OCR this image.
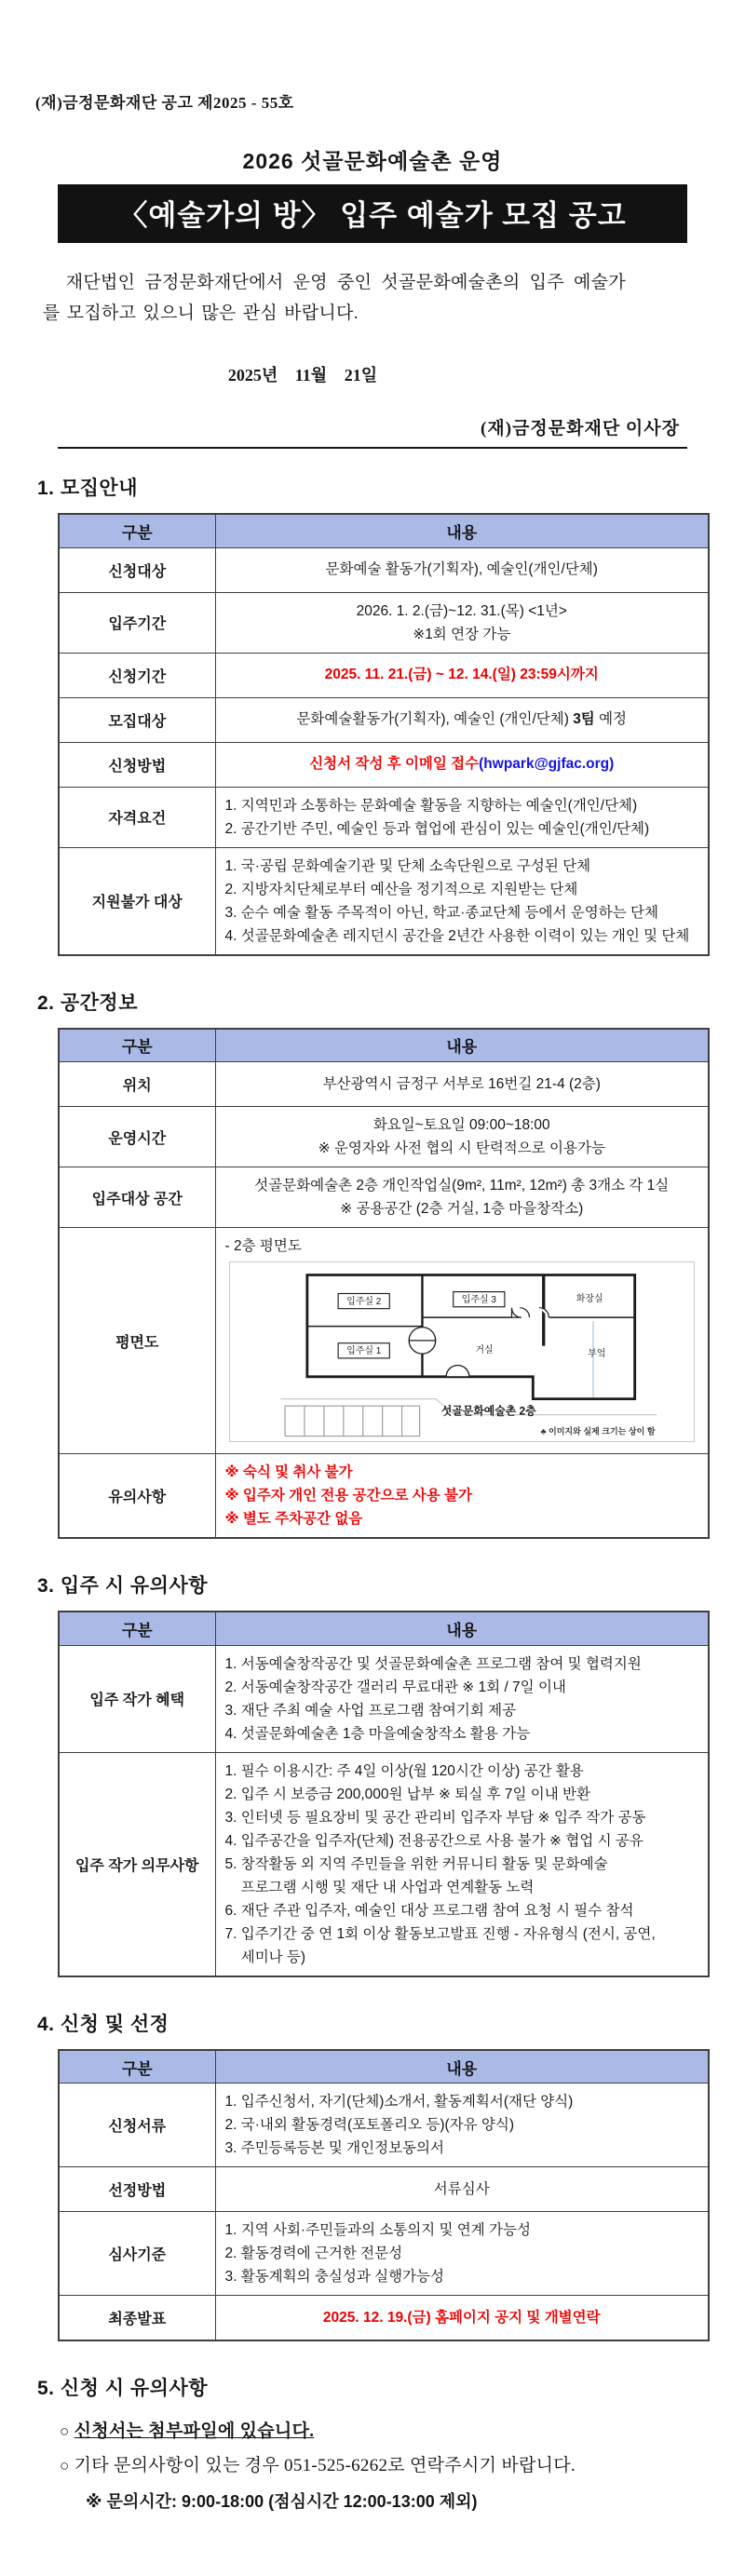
(재)금정문화재단 공고 제2025 - 55호
2026 섯골문화예술촌 운영
〈예술가의 방〉 입주 예술가 모집 공고
재단법인 금정문화재단에서 운영 중인 섯골문화예술촌의 입주 예술가
를 모집하고 있으니 많은 관심 바랍니다.
2025년 11월 21일
(재)금정문화재단 이사장
1. 모집안내
구분	내용
신청대상	문화예술 활동가(기획자), 예술인(개인/단체)
입주기간	2026. 1. 2.(금)~12. 31.(목) <1년>
※1회 연장 가능

신청기간	2025. 11. 21.(금) ~ 12. 14.(일) 23:59시까지
모집대상	문화예술활동가(기획자), 예술인 (개인/단체) 3팀 예정
신청방법	신청서 작성 후 이메일 접수(hwpark@gjfac.org)
자격요건	1. 지역민과 소통하는 문화예술 활동을 지향하는 예술인(개인/단체)
2. 공간기반 주민, 예술인 등과 협업에 관심이 있는 예술인(개인/단체)

지원불가 대상	1. 국·공립 문화예술기관 및 단체 소속단원으로 구성된 단체
2. 지방자치단체로부터 예산을 정기적으로 지원받는 단체
3. 순수 예술 활동 주목적이 아닌, 학교·종교단체 등에서 운영하는 단체
4. 섯골문화예술촌 레지던시 공간을 2년간 사용한 이력이 있는 개인 및 단체
2. 공간정보
구분	내용
위치	부산광역시 금정구 서부로 16번길 21-4 (2층)
운영시간	화요일~토요일 09:00~18:00
※ 운영자와 사전 협의 시 탄력적으로 이용가능

입주대상 공간	섯골문화예술촌 2층 개인작업실(9m², 11m², 12m²) 총 3개소 각 1실
※ 공용공간 (2층 거실, 1층 마을창작소)

평면도	
- 2층 평면도
입주실 2
입주실 1
입주실 3	화장실
거실	부엌
섯골문화예술촌 2층
♣ 이미지와 실제 크기는 상이 함

유의사항	※ 숙식 및 취사 불가
※ 입주자 개인 전용 공간으로 사용 불가
※ 별도 주차공간 없음
3. 입주 시 유의사항
구분	내용
입주 작가 혜택	1. 서동예술창작공간 및 섯골문화예술촌 프로그램 참여 및 협력지원
2. 서동예술창작공간 갤러리 무료대관 ※ 1회 / 7일 이내
3. 재단 주최 예술 사업 프로그램 참여기회 제공
4. 섯골문화예술촌 1층 마을예술창작소 활용 가능

입주 작가 의무사항	
1. 필수 이용시간: 주 4일 이상(월 120시간 이상) 공간 활용
2. 입주 시 보증금 200,000원 납부 ※ 퇴실 후 7일 이내 반환
3. 인터넷 등 필요장비 및 공간 관리비 입주자 부담 ※ 입주 작가 공동
4. 입주공간을 입주자(단체) 전용공간으로 사용 불가 ※ 협업 시 공유
5. 창작활동 외 지역 주민들을 위한 커뮤니티 활동 및 문화예술
프로그램 시행 및 재단 내 사업과 연계활동 노력
6. 재단 주관 입주자, 예술인 대상 프로그램 참여 요청 시 필수 참석
7. 입주기간 중 연 1회 이상 활동보고발표 진행 - 자유형식 (전시, 공연,
세미나 등)
4. 신청 및 선정
구분	내용
신청서류	1. 입주신청서, 자기(단체)소개서, 활동계획서(재단 양식)
2. 국·내외 활동경력(포토폴리오 등)(자유 양식)
3. 주민등록등본 및 개인정보동의서

선정방법	서류심사
심사기준	1. 지역 사회·주민들과의 소통의지 및 연계 가능성
2. 활동경력에 근거한 전문성
3. 활동계획의 충실성과 실행가능성

최종발표	2025. 12. 19.(금) 홈페이지 공지 및 개별연락
5. 신청 시 유의사항
○ 신청서는 첨부파일에 있습니다.
○ 기타 문의사항이 있는 경우 051-525-6262로 연락주시기 바랍니다.
※ 문의시간: 9:00-18:00 (점심시간 12:00-13:00 제외)
